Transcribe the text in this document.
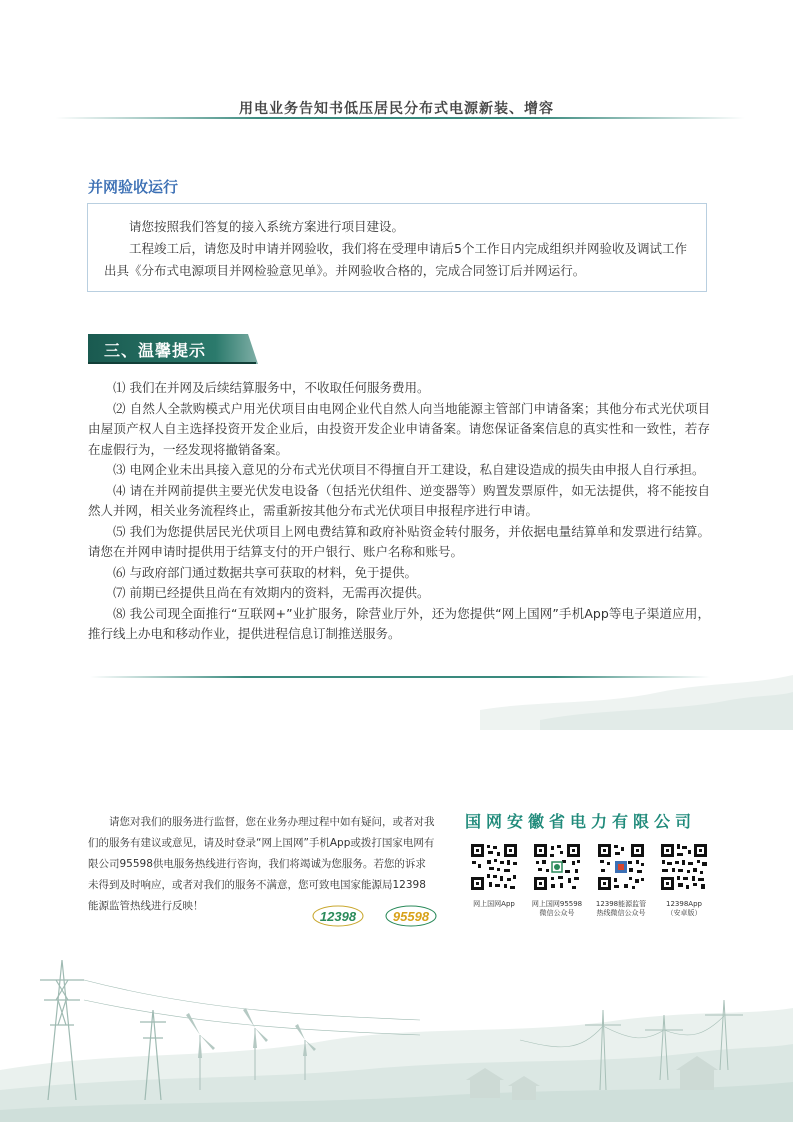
用电业务告知书低压居民分布式电源新装、增容
并网验收运行

请您按照我们答复的接入系统方案进行项目建设。

工程竣工后，请您及时申请并网验收，我们将在受理申请后5个工作日内完成组织并网验收及调试工作出具《分布式电源项目并网检验意见单》。并网验收合格的，完成合同签订后并网运行。

三、温馨提示

⑴ 我们在并网及后续结算服务中，不收取任何服务费用。

⑵ 自然人全款购模式户用光伏项目由电网企业代自然人向当地能源主管部门申请备案；其他分布式光伏项目由屋顶产权人自主选择投资开发企业后，由投资开发企业申请备案。请您保证备案信息的真实性和一致性，若存在虚假行为，一经发现将撤销备案。

⑶ 电网企业未出具接入意见的分布式光伏项目不得擅自开工建设，私自建设造成的损失由申报人自行承担。

⑷ 请在并网前提供主要光伏发电设备（包括光伏组件、逆变器等）购置发票原件，如无法提供，将不能按自然人并网，相关业务流程终止，需重新按其他分布式光伏项目申报程序进行申请。

⑸ 我们为您提供居民光伏项目上网电费结算和政府补贴资金转付服务，并依据电量结算单和发票进行结算。请您在并网申请时提供用于结算支付的开户银行、账户名称和账号。

⑹ 与政府部门通过数据共享可获取的材料，免于提供。

⑺ 前期已经提供且尚在有效期内的资料，无需再次提供。

⑻ 我公司现全面推行“互联网+”业扩服务，除营业厅外，还为您提供“网上国网”手机App等电子渠道应用，推行线上办电和移动作业，提供进程信息订制推送服务。

请您对我们的服务进行监督，您在业务办理过程中如有疑问，或者对我们的服务有建议或意见，请及时登录“网上国网”手机App或拨打国家电网有限公司95598供电服务热线进行咨询，我们将竭诚为您服务。若您的诉求未得到及时响应，或者对我们的服务不满意，您可致电国家能源局12398能源监管热线进行反映！

12398
	95598
国网安徽省电力有限公司
网上国网App	网上国网95598
微信公众号
12398能源监管
热线微信公众号
12398App
（安卓版）
